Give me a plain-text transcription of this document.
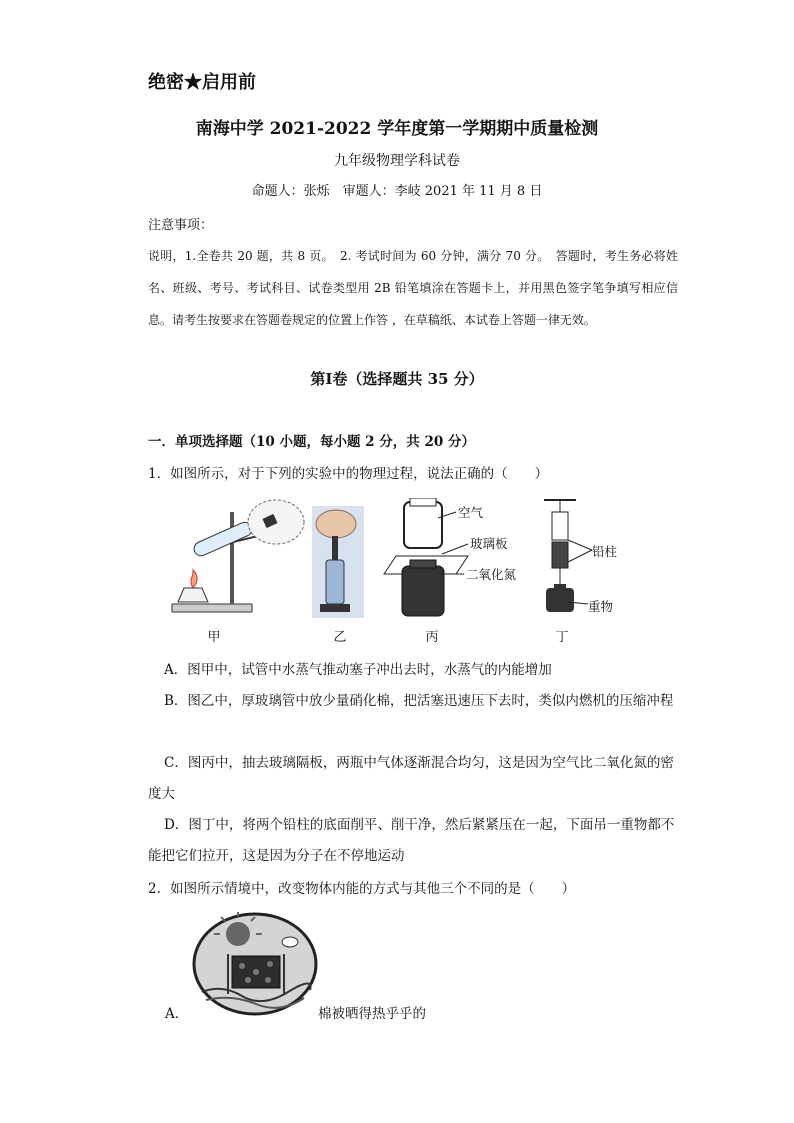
绝密★启用前
南海中学 2021-2022 学年度第一学期期中质量检测
九年级物理学科试卷
命题人：张烁　审题人：李岐 2021 年 11 月 8 日
注意事项：
说明，1.全卷共 20 题，共 8 页。　2. 考试时间为 60 分钟，满分 70 分。　答题时，考生务必将姓名、班级、考号、考试科目、试卷类型用 2B 铅笔填涂在答题卡上，并用黑色签字笔争填写相应信息。请考生按要求在答题卷规定的位置上作答 ，在草稿纸、本试卷上答题一律无效。
第Ⅰ卷（选择题共 35 分）
一．单项选择题（10 小题，每小题 2 分，共 20 分）
1．如图所示，对于下列的实验中的物理过程，说法正确的（　　）
甲	乙	丙
空气
玻璃板
二氧化氮
丁
铅柱
重物
A．图甲中，试管中水蒸气推动塞子冲出去时，水蒸气的内能增加
B．图乙中，厚玻璃管中放少量硝化棉，把活塞迅速压下去时，类似内燃机的压缩冲程
C．图丙中，抽去玻璃隔板，两瓶中气体逐渐混合均匀，这是因为空气比二氧化氮的密度大
D．图丁中，将两个铅柱的底面削平、削干净，然后紧紧压在一起，下面吊一重物都不能把它们拉开，这是因为分子在不停地运动
2．如图所示情境中，改变物体内能的方式与其他三个不同的是（　　）
A．	棉被晒得热乎乎的
